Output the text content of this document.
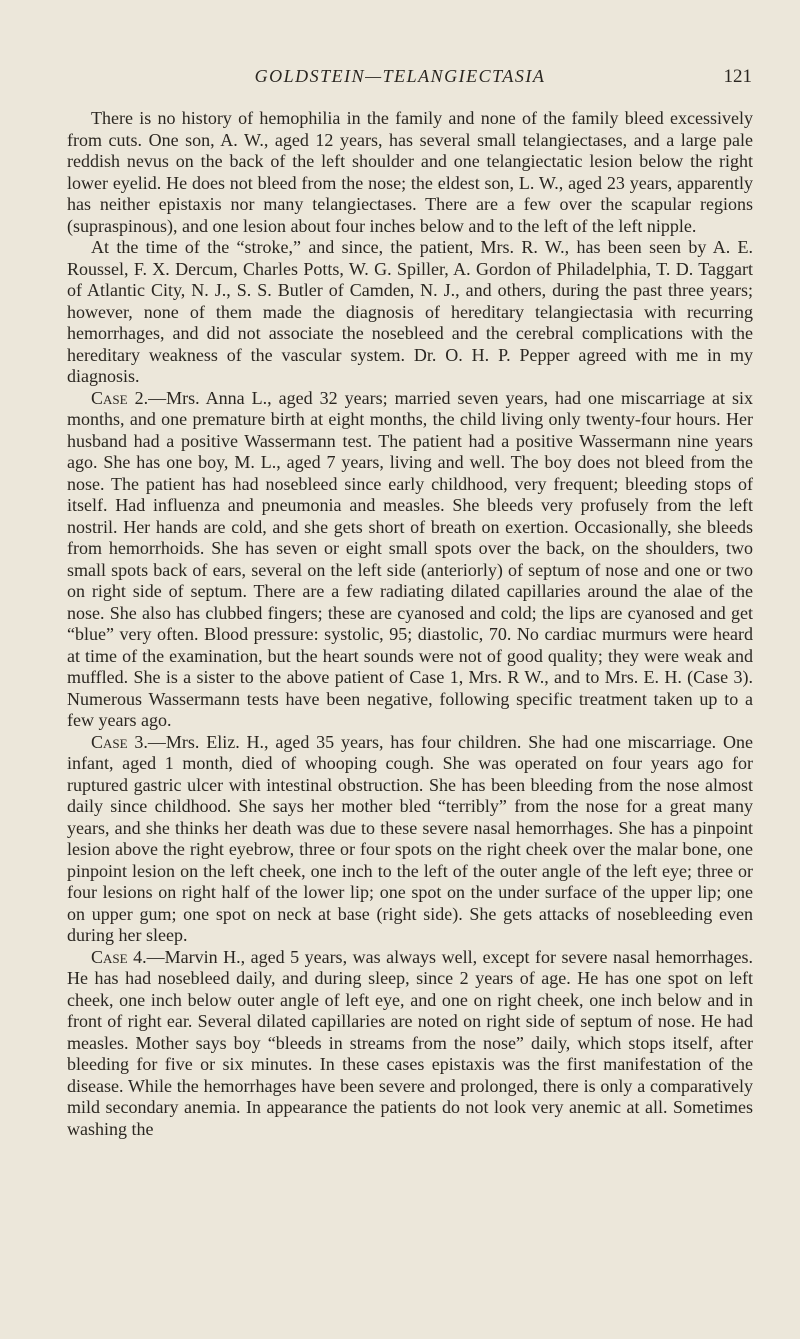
GOLDSTEIN—TELANGIECTASIA	121

There is no history of hemophilia in the family and none of the family bleed excessively from cuts. One son, A. W., aged 12 years, has several small telangiectases, and a large pale reddish nevus on the back of the left shoulder and one telangiectatic lesion below the right lower eyelid. He does not bleed from the nose; the eldest son, L. W., aged 23 years, apparently has neither epistaxis nor many telangiectases. There are a few over the scapular regions (supraspinous), and one lesion about four inches below and to the left of the left nipple.

At the time of the “stroke,” and since, the patient, Mrs. R. W., has been seen by A. E. Roussel, F. X. Dercum, Charles Potts, W. G. Spiller, A. Gordon of Philadelphia, T. D. Taggart of Atlantic City, N. J., S. S. Butler of Camden, N. J., and others, during the past three years; however, none of them made the diagnosis of hereditary telangiectasia with recurring hemorrhages, and did not associate the nosebleed and the cerebral complications with the hereditary weakness of the vascular system. Dr. O. H. P. Pepper agreed with me in my diagnosis.

Case 2.—Mrs. Anna L., aged 32 years; married seven years, had one miscarriage at six months, and one premature birth at eight months, the child living only twenty-four hours. Her husband had a positive Wassermann test. The patient had a positive Wassermann nine years ago. She has one boy, M. L., aged 7 years, living and well. The boy does not bleed from the nose. The patient has had nosebleed since early childhood, very frequent; bleeding stops of itself. Had influenza and pneumonia and measles. She bleeds very profusely from the left nostril. Her hands are cold, and she gets short of breath on exertion. Occasionally, she bleeds from hemorrhoids. She has seven or eight small spots over the back, on the shoulders, two small spots back of ears, several on the left side (anteriorly) of septum of nose and one or two on right side of septum. There are a few radiating dilated capillaries around the alae of the nose. She also has clubbed fingers; these are cyanosed and cold; the lips are cyanosed and get “blue” very often. Blood pressure: systolic, 95; diastolic, 70. No cardiac murmurs were heard at time of the examination, but the heart sounds were not of good quality; they were weak and muffled. She is a sister to the above patient of Case 1, Mrs. R W., and to Mrs. E. H. (Case 3). Numerous Wassermann tests have been negative, following specific treatment taken up to a few years ago.

Case 3.—Mrs. Eliz. H., aged 35 years, has four children. She had one miscarriage. One infant, aged 1 month, died of whooping cough. She was operated on four years ago for ruptured gastric ulcer with intestinal obstruction. She has been bleeding from the nose almost daily since childhood. She says her mother bled “terribly” from the nose for a great many years, and she thinks her death was due to these severe nasal hemorrhages. She has a pinpoint lesion above the right eyebrow, three or four spots on the right cheek over the malar bone, one pinpoint lesion on the left cheek, one inch to the left of the outer angle of the left eye; three or four lesions on right half of the lower lip; one spot on the under surface of the upper lip; one on upper gum; one spot on neck at base (right side). She gets attacks of nosebleeding even during her sleep.

Case 4.—Marvin H., aged 5 years, was always well, except for severe nasal hemorrhages. He has had nosebleed daily, and during sleep, since 2 years of age. He has one spot on left cheek, one inch below outer angle of left eye, and one on right cheek, one inch below and in front of right ear. Several dilated capillaries are noted on right side of septum of nose. He had measles. Mother says boy “bleeds in streams from the nose” daily, which stops itself, after bleeding for five or six minutes. In these cases epistaxis was the first manifestation of the disease. While the hemorrhages have been severe and prolonged, there is only a comparatively mild secondary anemia. In appearance the patients do not look very anemic at all. Sometimes washing the
